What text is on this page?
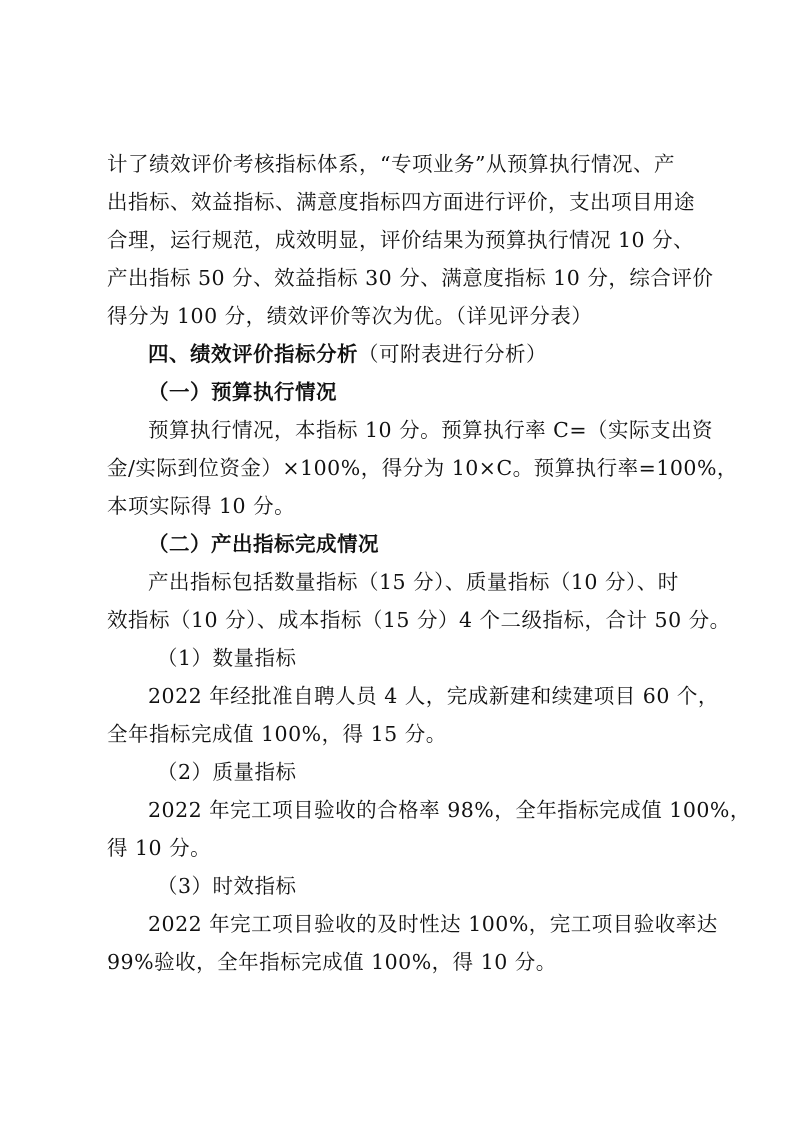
计了绩效评价考核指标体系，“专项业务”从预算执行情况、产
出指标、效益指标、满意度指标四方面进行评价，支出项目用途
合理，运行规范，成效明显，评价结果为预算执行情况 10 分、
产出指标 50 分、效益指标 30 分、满意度指标 10 分，综合评价
得分为 100 分，绩效评价等次为优。（详见评分表）
四、绩效评价指标分析（可附表进行分析）
（一）预算执行情况
预算执行情况，本指标 10 分。预算执行率 C=（实际支出资
金/实际到位资金）×100%，得分为 10×C。预算执行率=100%，
本项实际得 10 分。
（二）产出指标完成情况
产出指标包括数量指标（15 分）、质量指标（10 分）、时
效指标（10 分）、成本指标（15 分）4 个二级指标，合计 50 分。
（1）数量指标
2022 年经批准自聘人员 4 人，完成新建和续建项目 60 个，
全年指标完成值 100%，得 15 分。
（2）质量指标
2022 年完工项目验收的合格率 98%，全年指标完成值 100%，
得 10 分。
（3）时效指标
2022 年完工项目验收的及时性达 100%，完工项目验收率达
99%验收，全年指标完成值 100%，得 10 分。
